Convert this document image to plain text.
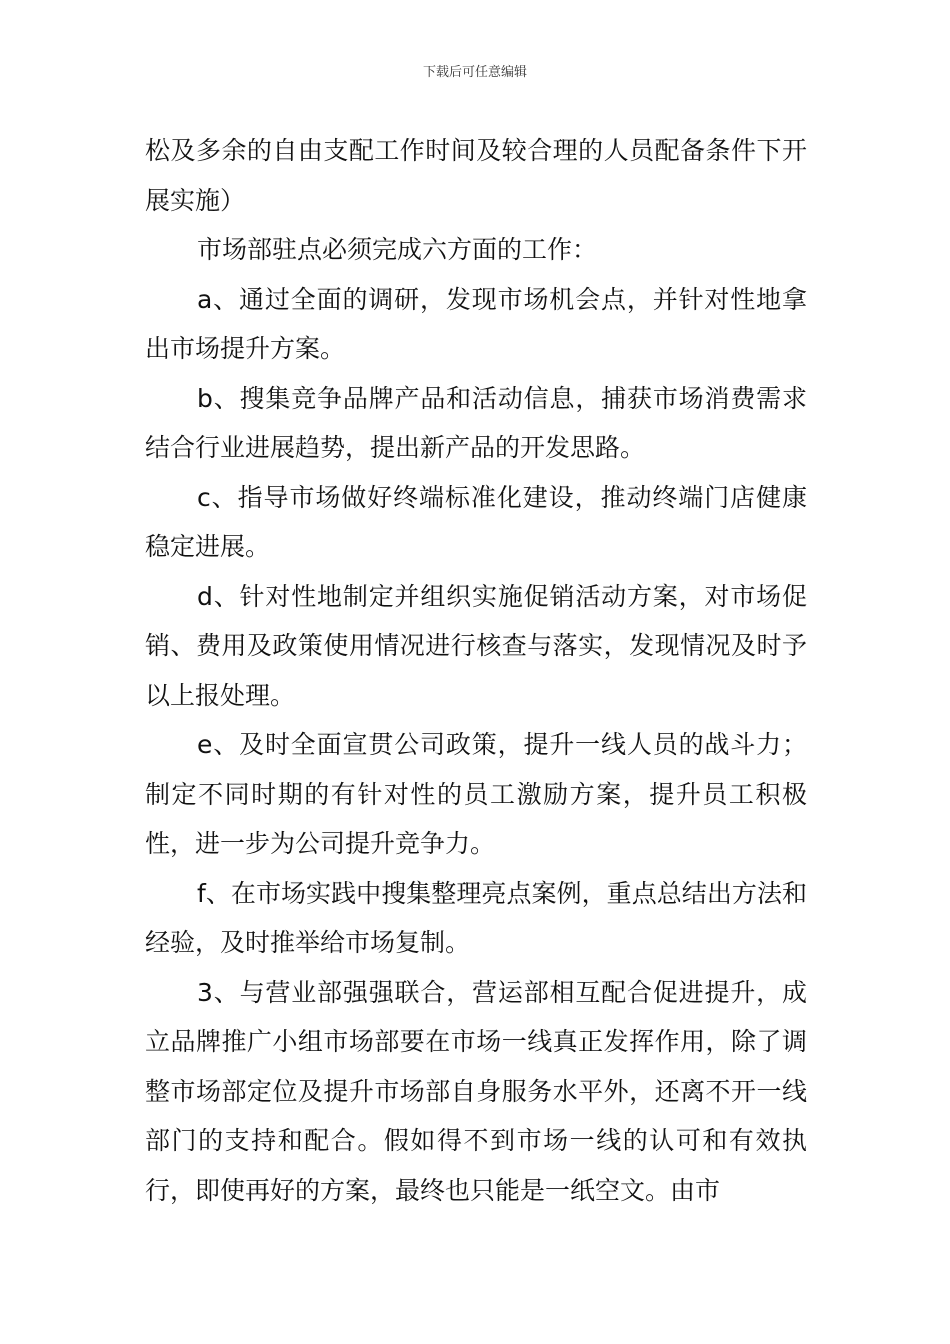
下载后可任意编辑

松及多余的自由支配工作时间及较合理的人员配备条件下开展实施）

市场部驻点必须完成六方面的工作：

a、通过全面的调研，发现市场机会点，并针对性地拿出市场提升方案。

b、搜集竞争品牌产品和活动信息，捕获市场消费需求结合行业进展趋势，提出新产品的开发思路。

c、指导市场做好终端标准化建设，推动终端门店健康稳定进展。

d、针对性地制定并组织实施促销活动方案，对市场促销、费用及政策使用情况进行核查与落实，发现情况及时予以上报处理。

e、及时全面宣贯公司政策，提升一线人员的战斗力；制定不同时期的有针对性的员工激励方案，提升员工积极性，进一步为公司提升竞争力。

f、在市场实践中搜集整理亮点案例，重点总结出方法和经验，及时推举给市场复制。

3、与营业部强强联合，营运部相互配合促进提升，成立品牌推广小组市场部要在市场一线真正发挥作用，除了调整市场部定位及提升市场部自身服务水平外，还离不开一线部门的支持和配合。假如得不到市场一线的认可和有效执行，即使再好的方案，最终也只能是一纸空文。由市
